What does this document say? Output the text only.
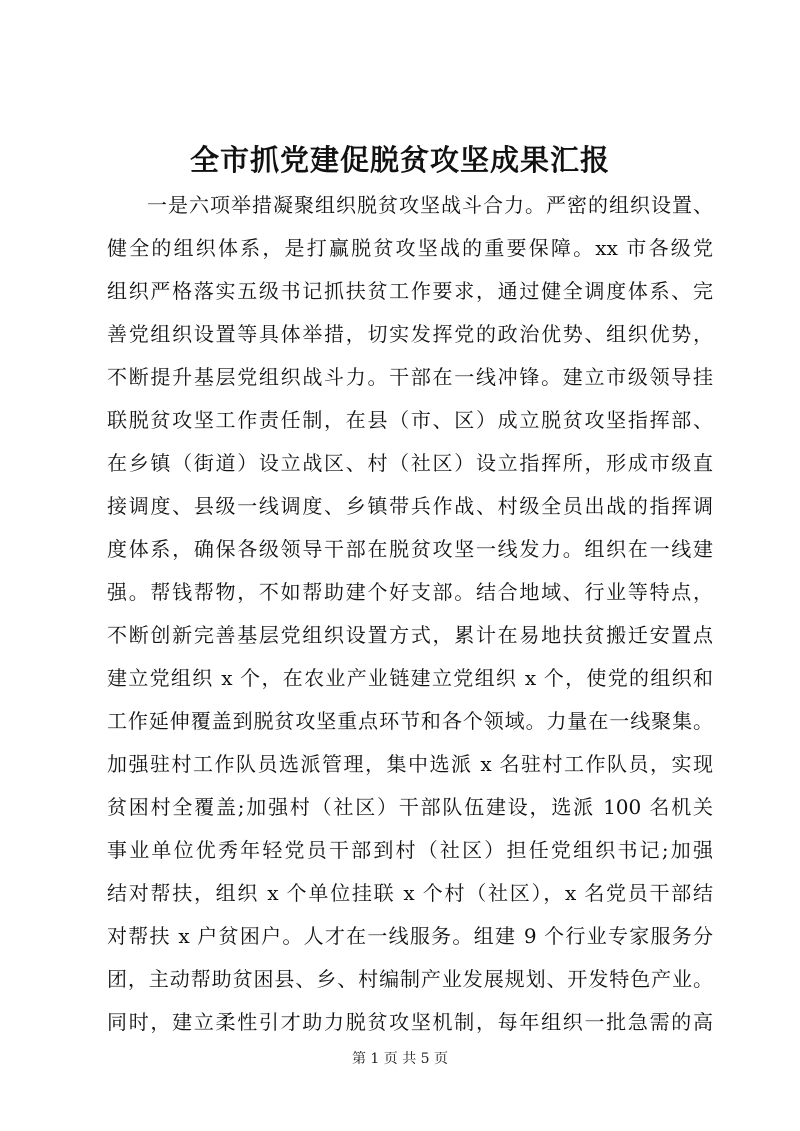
全市抓党建促脱贫攻坚成果汇报
一是六项举措凝聚组织脱贫攻坚战斗合力。严密的组织设置、
健全的组织体系，是打赢脱贫攻坚战的重要保障。xx 市各级党
组织严格落实五级书记抓扶贫工作要求，通过健全调度体系、完
善党组织设置等具体举措，切实发挥党的政治优势、组织优势，
不断提升基层党组织战斗力。干部在一线冲锋。建立市级领导挂
联脱贫攻坚工作责任制，在县（市、区）成立脱贫攻坚指挥部、
在乡镇（街道）设立战区、村（社区）设立指挥所，形成市级直
接调度、县级一线调度、乡镇带兵作战、村级全员出战的指挥调
度体系，确保各级领导干部在脱贫攻坚一线发力。组织在一线建
强。帮钱帮物，不如帮助建个好支部。结合地域、行业等特点，
不断创新完善基层党组织设置方式，累计在易地扶贫搬迁安置点
建立党组织 x 个，在农业产业链建立党组织 x 个，使党的组织和
工作延伸覆盖到脱贫攻坚重点环节和各个领域。力量在一线聚集。
加强驻村工作队员选派管理，集中选派 x 名驻村工作队员，实现
贫困村全覆盖;加强村（社区）干部队伍建设，选派 100 名机关
事业单位优秀年轻党员干部到村（社区）担任党组织书记;加强
结对帮扶，组织 x 个单位挂联 x 个村（社区），x 名党员干部结
对帮扶 x 户贫困户。人才在一线服务。组建 9 个行业专家服务分
团，主动帮助贫困县、乡、村编制产业发展规划、开发特色产业。
同时，建立柔性引才助力脱贫攻坚机制，每年组织一批急需的高
第 1 页 共 5 页
